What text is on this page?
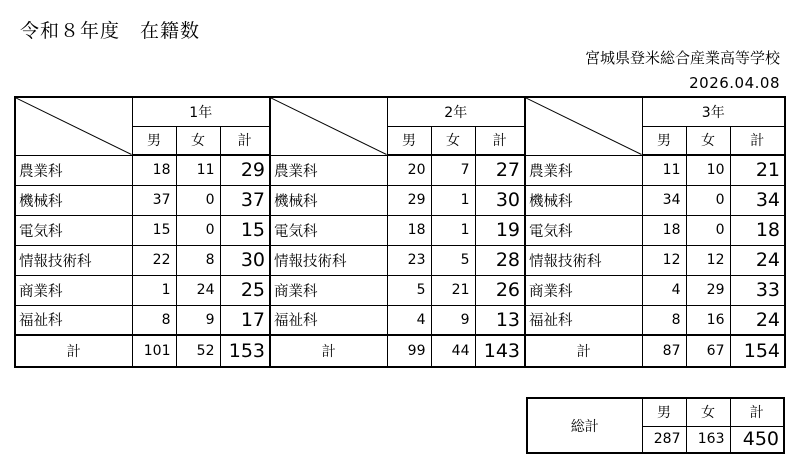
令和８年度　在籍数
宮城県登米総合産業高等学校
2026.04.08
	1年				2年				3年		
	男	女	計		男	女	計		男	女	計
農業科	18	11	29	農業科	20	7	27	農業科	11	10	21
機械科	37	0	37	機械科	29	1	30	機械科	34	0	34
電気科	15	0	15	電気科	18	1	19	電気科	18	0	18
情報技術科	22	8	30	情報技術科	23	5	28	情報技術科	12	12	24
商業科	1	24	25	商業科	5	21	26	商業科	4	29	33
福祉科	8	9	17	福祉科	4	9	13	福祉科	8	16	24
計	101	52	153	計	99	44	143	計	87	67	154
総計	男	女	計
	287	163	450
